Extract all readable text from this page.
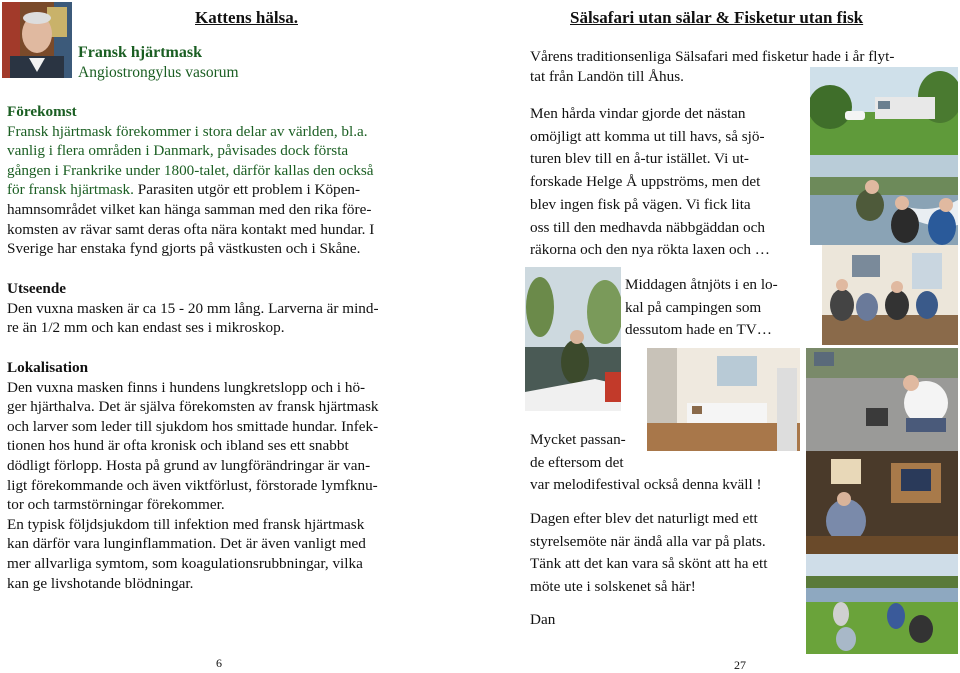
Kattens hälsa.
Fransk hjärtmask
Angiostrongylus vasorum
Förekomst
Fransk hjärtmask förekommer i stora delar av världen, bl.a.
vanlig i flera områden i Danmark, påvisades dock första
gången i Frankrike under 1800-talet, därför kallas den också
för fransk hjärtmask. Parasiten utgör ett problem i Köpen-
hamnsområdet vilket kan hänga samman med den rika före-
komsten av rävar samt deras ofta nära kontakt med hundar. I
Sverige har enstaka fynd gjorts på västkusten och i Skåne.
Utseende
Den vuxna masken är ca 15 - 20 mm lång. Larverna är mind-
re än 1/2 mm och kan endast ses i mikroskop.
Lokalisation
Den vuxna masken finns i hundens lungkretslopp och i hö-
ger hjärthalva. Det är själva förekomsten av fransk hjärtmask
och larver som leder till sjukdom hos smittade hundar. Infek-
tionen hos hund är ofta kronisk och ibland ses ett snabbt
dödligt förlopp. Hosta på grund av lungförändringar är van-
ligt förekommande och även viktförlust, förstorade lymfknu-
tor och tarmstörningar förekommer.
En typisk följdsjukdom till infektion med fransk hjärtmask
kan därför vara lunginflammation. Det är även vanligt med
mer allvarliga symtom, som koagulationsrubbningar, vilka
kan ge livshotande blödningar.
6
Sälsafari utan sälar & Fisketur utan fisk
Vårens traditionsenliga Sälsafari med fisketur hade i år flyt-
tat från Landön till Åhus.
Men hårda vindar gjorde det nästan
omöjligt att komma ut till havs, så sjö-
turen blev till en å-tur istället. Vi ut-
forskade Helge Å uppströms, men det
blev ingen fisk på vägen. Vi fick lita
oss till den medhavda näbbgäddan och
räkorna och den nya rökta laxen och …
Middagen åtnjöts i en lo-
kal på campingen som
dessutom hade en TV…
Mycket passan-
de eftersom det
var melodifestival också denna kväll !
Dagen efter blev det naturligt med ett
styrelsemöte när ändå alla var på plats.
Tänk att det kan vara så skönt att ha ett
möte ute i solskenet så här!
Dan
27
